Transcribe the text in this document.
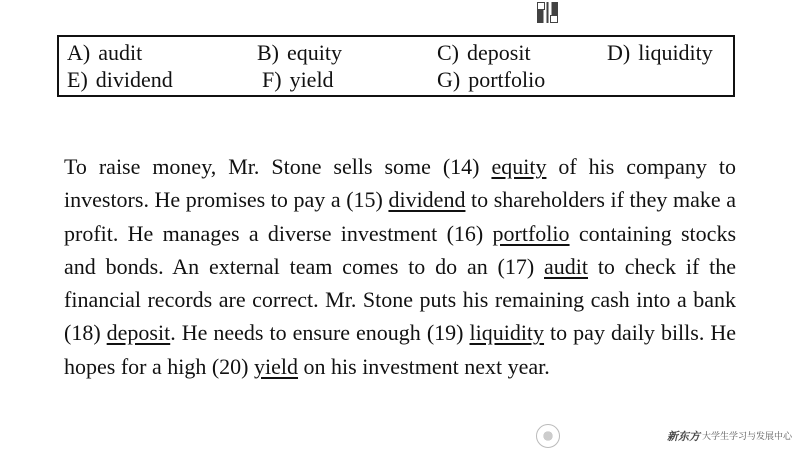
A) audit	B) equity	C) deposit	D) liquidity
E) dividend	F) yield	G) portfolio
To raise money, Mr. Stone sells some (14) equity of his company to investors. He promises to pay a (15) dividend to shareholders if they make a profit. He manages a diverse investment (16) portfolio containing stocks and bonds. An external team comes to do an (17) audit to check if the financial records are correct. Mr. Stone puts his remaining cash into a bank (18) deposit. He needs to ensure enough (19) liquidity to pay daily bills. He hopes for a high (20) yield on his investment next year.
新东方 大学生学习与发展中心
